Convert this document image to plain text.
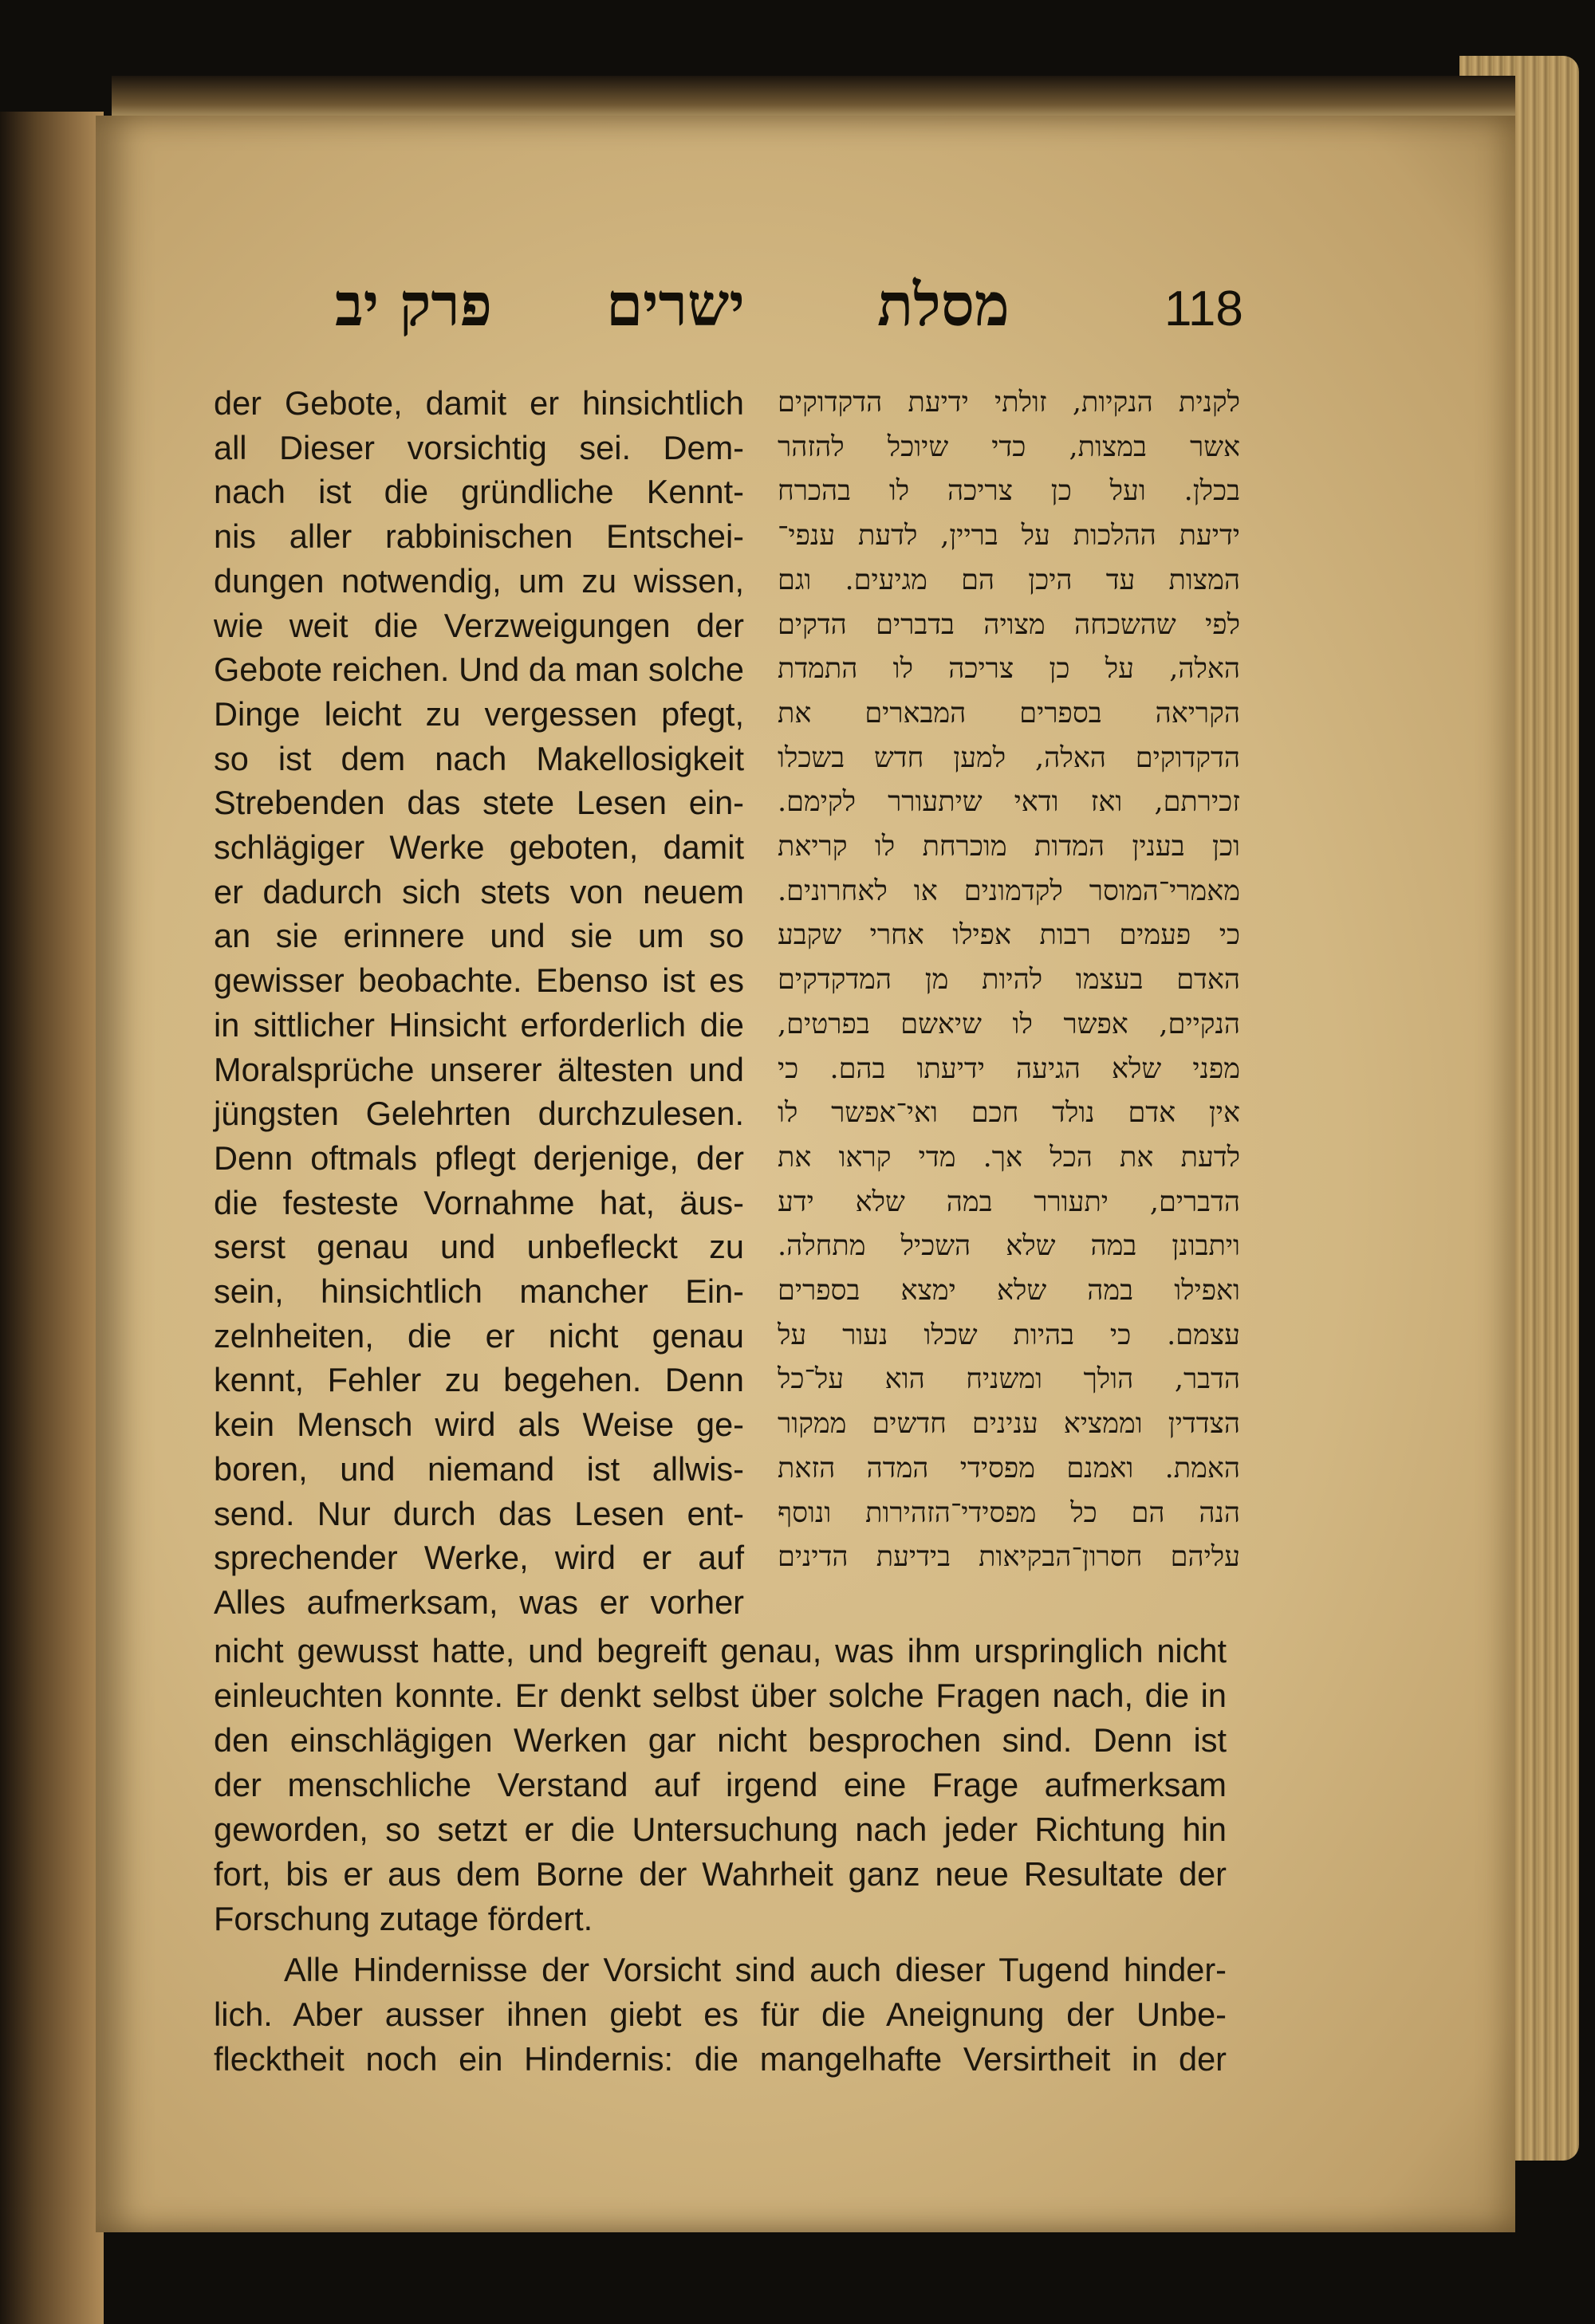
פרק יב ישרים מסלת	118
der Gebote, damit er hinsichtlich
all Dieser vorsichtig sei. Dem-
nach ist die gründliche Kennt-
nis aller rabbinischen Entschei-
dungen notwendig, um zu wissen,
wie weit die Verzweigungen der
Gebote reichen. Und da man solche
Dinge leicht zu vergessen pfegt,
so ist dem nach Makellosigkeit
Strebenden das stete Lesen ein-
schlägiger Werke geboten, damit
er dadurch sich stets von neuem
an sie erinnere und sie um so
gewisser beobachte. Ebenso ist es
in sittlicher Hinsicht erforderlich die
Moralsprüche unserer ältesten und
jüngsten Gelehrten durchzulesen.
Denn oftmals pflegt derjenige, der
die festeste Vornahme hat, äus-
serst genau und unbefleckt zu
sein, hinsichtlich mancher Ein-
zelnheiten, die er nicht genau
kennt, Fehler zu begehen. Denn
kein Mensch wird als Weise ge-
boren, und niemand ist allwis-
send. Nur durch das Lesen ent-
sprechender Werke, wird er auf
Alles aufmerksam, was er vorher
לקנית הנקיות, זולתי ידיעת הדקדוקים
אשר במצות, כדי שיוכל להזהר
בכלן. ועל כן צריכה לו בהכרח
ידיעת ההלכות על בריין, לדעת ענפי־
המצות עד היכן הם מגיעים. וגם
לפי שהשכחה מצויה בדברים הדקים
האלה, על כן צריכה לו התמדת
הקריאה בספרים המבארים את
הדקדוקים האלה, למען חדש בשכלו
זכירתם, ואז ודאי שיתעורר לקימם.
וכן בענין המדות מוכרחת לו קריאת
מאמרי־המוסר לקדמונים או לאחרונים.
כי פעמים רבות אפילו אחרי שקבע
האדם בעצמו להיות מן המדקדקים
הנקיים, אפשר לו שיאשם בפרטים,
מפני שלא הגיעה ידיעתו בהם. כי
אין אדם נולד חכם ואי־אפשר לו
לדעת את הכל אך. מדי קראו את
הדברים, יתעורר במה שלא ידע
ויתבונן במה שלא השכיל מתחלה.
ואפילו במה שלא ימצא בספרים
עצמם. כי בהיות שכלו נעור על
הדבר, הולך ומשניח הוא על־כל
הצדדין וממציא ענינים חדשים ממקור
האמת. ואמנם מפסידי המדה הזאת
הנה הם כל מפסידי־הזהירות ונוסף
עליהם חסרון־הבקיאות בידיעת הדינים
nicht gewusst hatte, und begreift genau, was ihm urspringlich nicht
einleuchten konnte. Er denkt selbst über solche Fragen nach, die in
den einschlägigen Werken gar nicht besprochen sind. Denn ist
der menschliche Verstand auf irgend eine Frage aufmerksam
geworden, so setzt er die Untersuchung nach jeder Richtung hin
fort, bis er aus dem Borne der Wahrheit ganz neue Resultate der
Forschung zutage fördert.
Alle Hindernisse der Vorsicht sind auch dieser Tugend hinder-
lich. Aber ausser ihnen giebt es für die Aneignung der Unbe-
flecktheit noch ein Hindernis: die mangelhafte Versirtheit in der
